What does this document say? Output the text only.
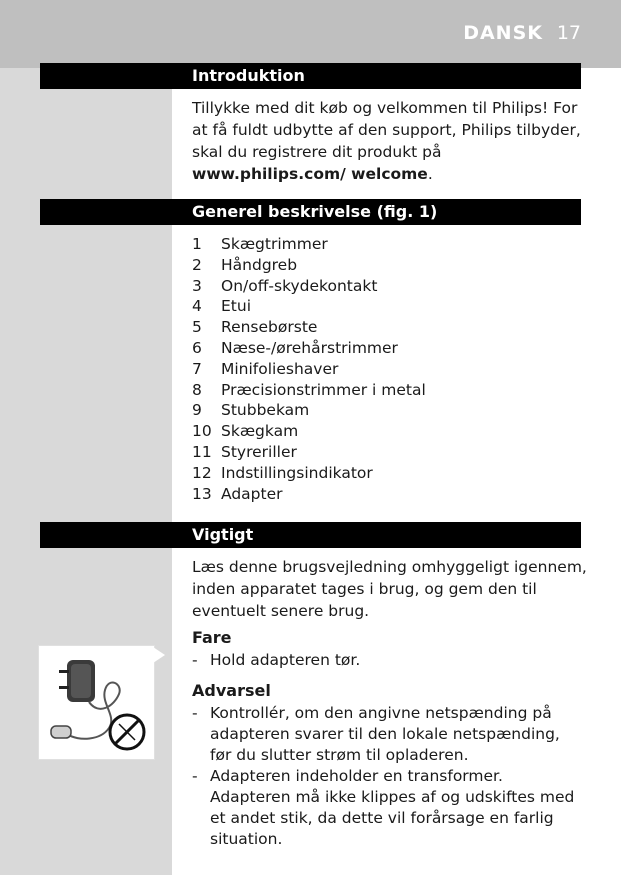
DANSK 17
Introduktion
Tillykke med dit køb og velkommen til Philips! For at få fuldt udbytte af den support, Philips tilbyder, skal du registrere dit produkt på www.philips.com/ welcome.
Generel beskrivelse (fig. 1)
1	Skægtrimmer
2	Håndgreb
3	On/off-skydekontakt
4	Etui
5	Rensebørste
6	Næse-/ørehårstrimmer
7	Minifolieshaver
8	Præcisionstrimmer i metal
9	Stubbekam
10 Skægkam
11 Styreriller
12 Indstillingsindikator
13 Adapter
Vigtigt
Læs denne brugsvejledning omhyggeligt igennem, inden apparatet tages i brug, og gem den til eventuelt senere brug.
Fare
- Hold adapteren tør.
Advarsel
- Kontrollér, om den angivne netspænding på adapteren svarer til den lokale netspænding, før du slutter strøm til opladeren.
- Adapteren indeholder en transformer. Adapteren må ikke klippes af og udskiftes med et andet stik, da dette vil forårsage en farlig situation.
